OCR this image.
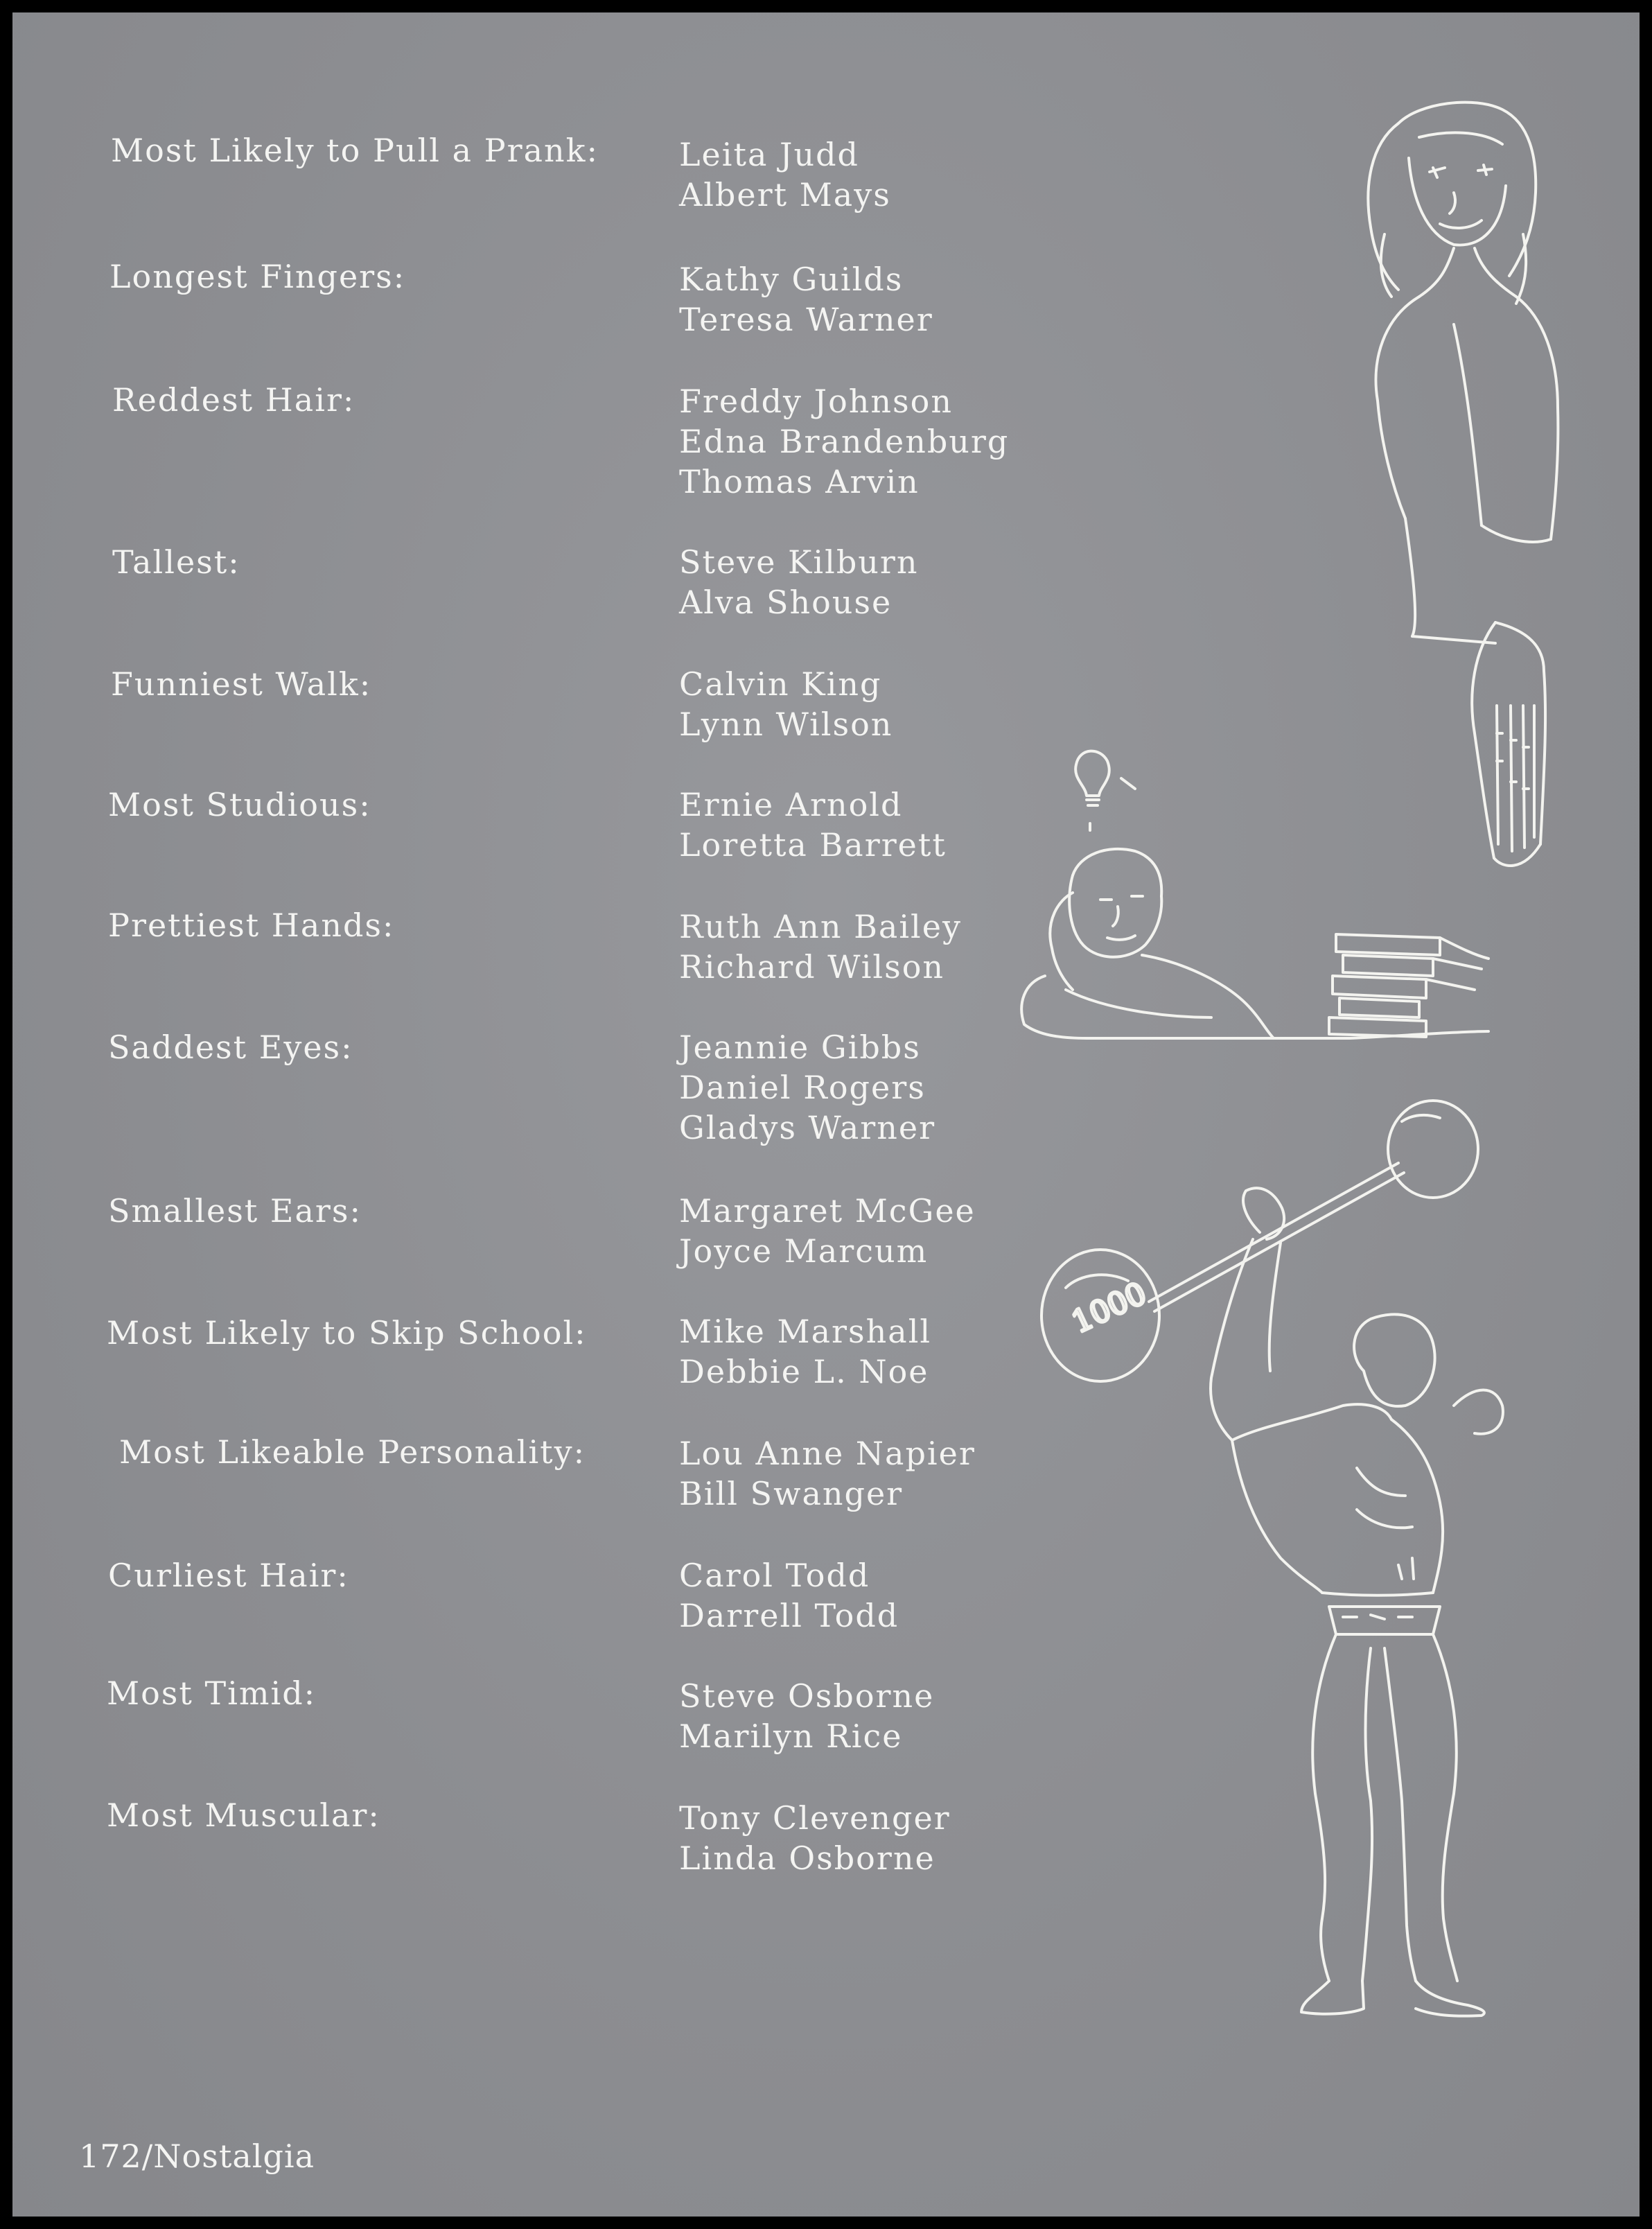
Most Likely to Pull a Prank:	Leita Judd
Albert Mays
Longest Fingers:	Kathy Guilds
Teresa Warner
Reddest Hair:	Freddy Johnson
Edna Brandenburg
Thomas Arvin
Tallest:	Steve Kilburn
Alva Shouse
Funniest Walk:	Calvin King
Lynn Wilson
Most Studious:	Ernie Arnold
Loretta Barrett
Prettiest Hands:	Ruth Ann Bailey
Richard Wilson
Saddest Eyes:	Jeannie Gibbs
Daniel Rogers
Gladys Warner
Smallest Ears:	Margaret McGee
Joyce Marcum
Most Likely to Skip School:	Mike Marshall
Debbie L. Noe
Most Likeable Personality:	Lou Anne Napier
Bill Swanger
Curliest Hair:	Carol Todd
Darrell Todd
Most Timid:	Steve Osborne
Marilyn Rice
Most Muscular:	Tony Clevenger
Linda Osborne
1000
172/Nostalgia
